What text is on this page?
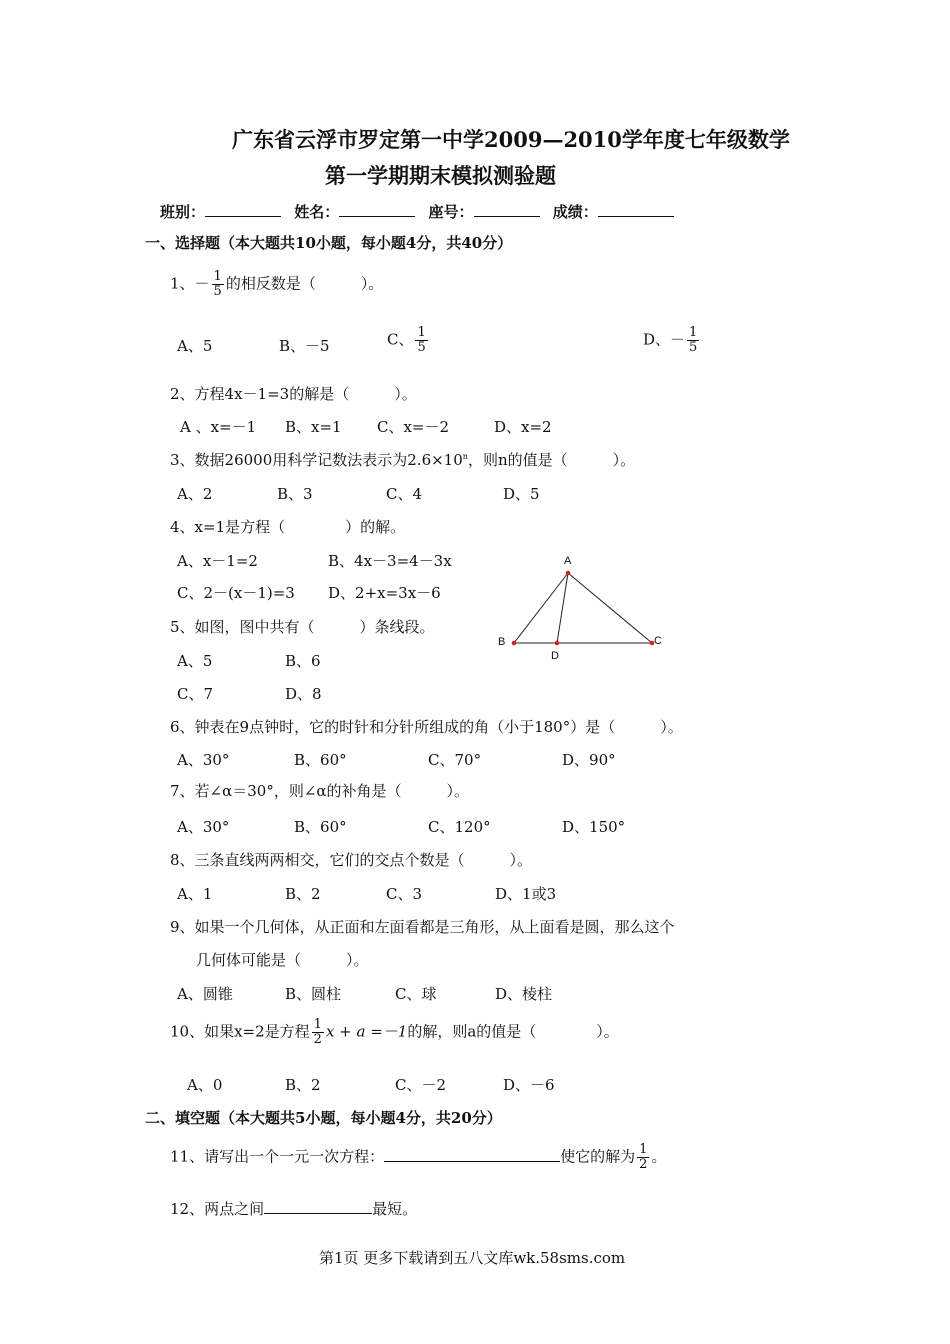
广东省云浮市罗定第一中学2009—2010学年度七年级数学
第一学期期末模拟测验题
班别：	姓名：	座号：	成绩：
一、选择题（本大题共10小题，每小题4分，共40分）
1、－ $\frac{1}{5}$ 的相反数是（　　　）。
A、5	B、－5	C、 $\frac{1}{5}$	D、－ $\frac{1}{5}$
2、方程4x－1=3的解是（　　　）。
A 、x=－1 B、x=1 C、x=－2	D、x=2
3、数据26000用科学记数法表示为$2.6\times 10^n$，则n的值是（　　　）。
A、2	B、3	C、4	D、5
4、x=1是方程（　　　　）的解。
A、x－1=2	B、4x－3=4－3x
C、2－(x－1)=3 D、2+x=3x－6
5、如图，图中共有（　　　）条线段。
A、5	B、6
C、7	D、8
A
B
D
C
6、钟表在9点钟时，它的时针和分针所组成的角（小于180°）是（　　　）。
A、30°	B、60°	C、70°	D、90°
7、若∠α＝30°，则∠α的补角是（　　　）。
A、30°	B、60°	C、120°	D、150°
8、三条直线两两相交，它们的交点个数是（　　　）。
A、1	B、2	C、3	D、1或3
9、如果一个几何体，从正面和左面看都是三角形，从上面看是圆，那么这个
几何体可能是（　　　）。
A、圆锥	B、圆柱	C、球	D、棱柱
10、如果x=2是方程 $\frac{1}{2}$ x + a =－1的解，则a的值是（　　　　）。
A、0	B、2	C、－2	D、－6
二、填空题（本大题共5小题，每小题4分，共20分）
11、请写出一个一元一次方程：	使它的解为 $\frac{1}{2}$ 。
12、两点之间	最短。
第1页 更多下载请到五八文库wk.58sms.com
